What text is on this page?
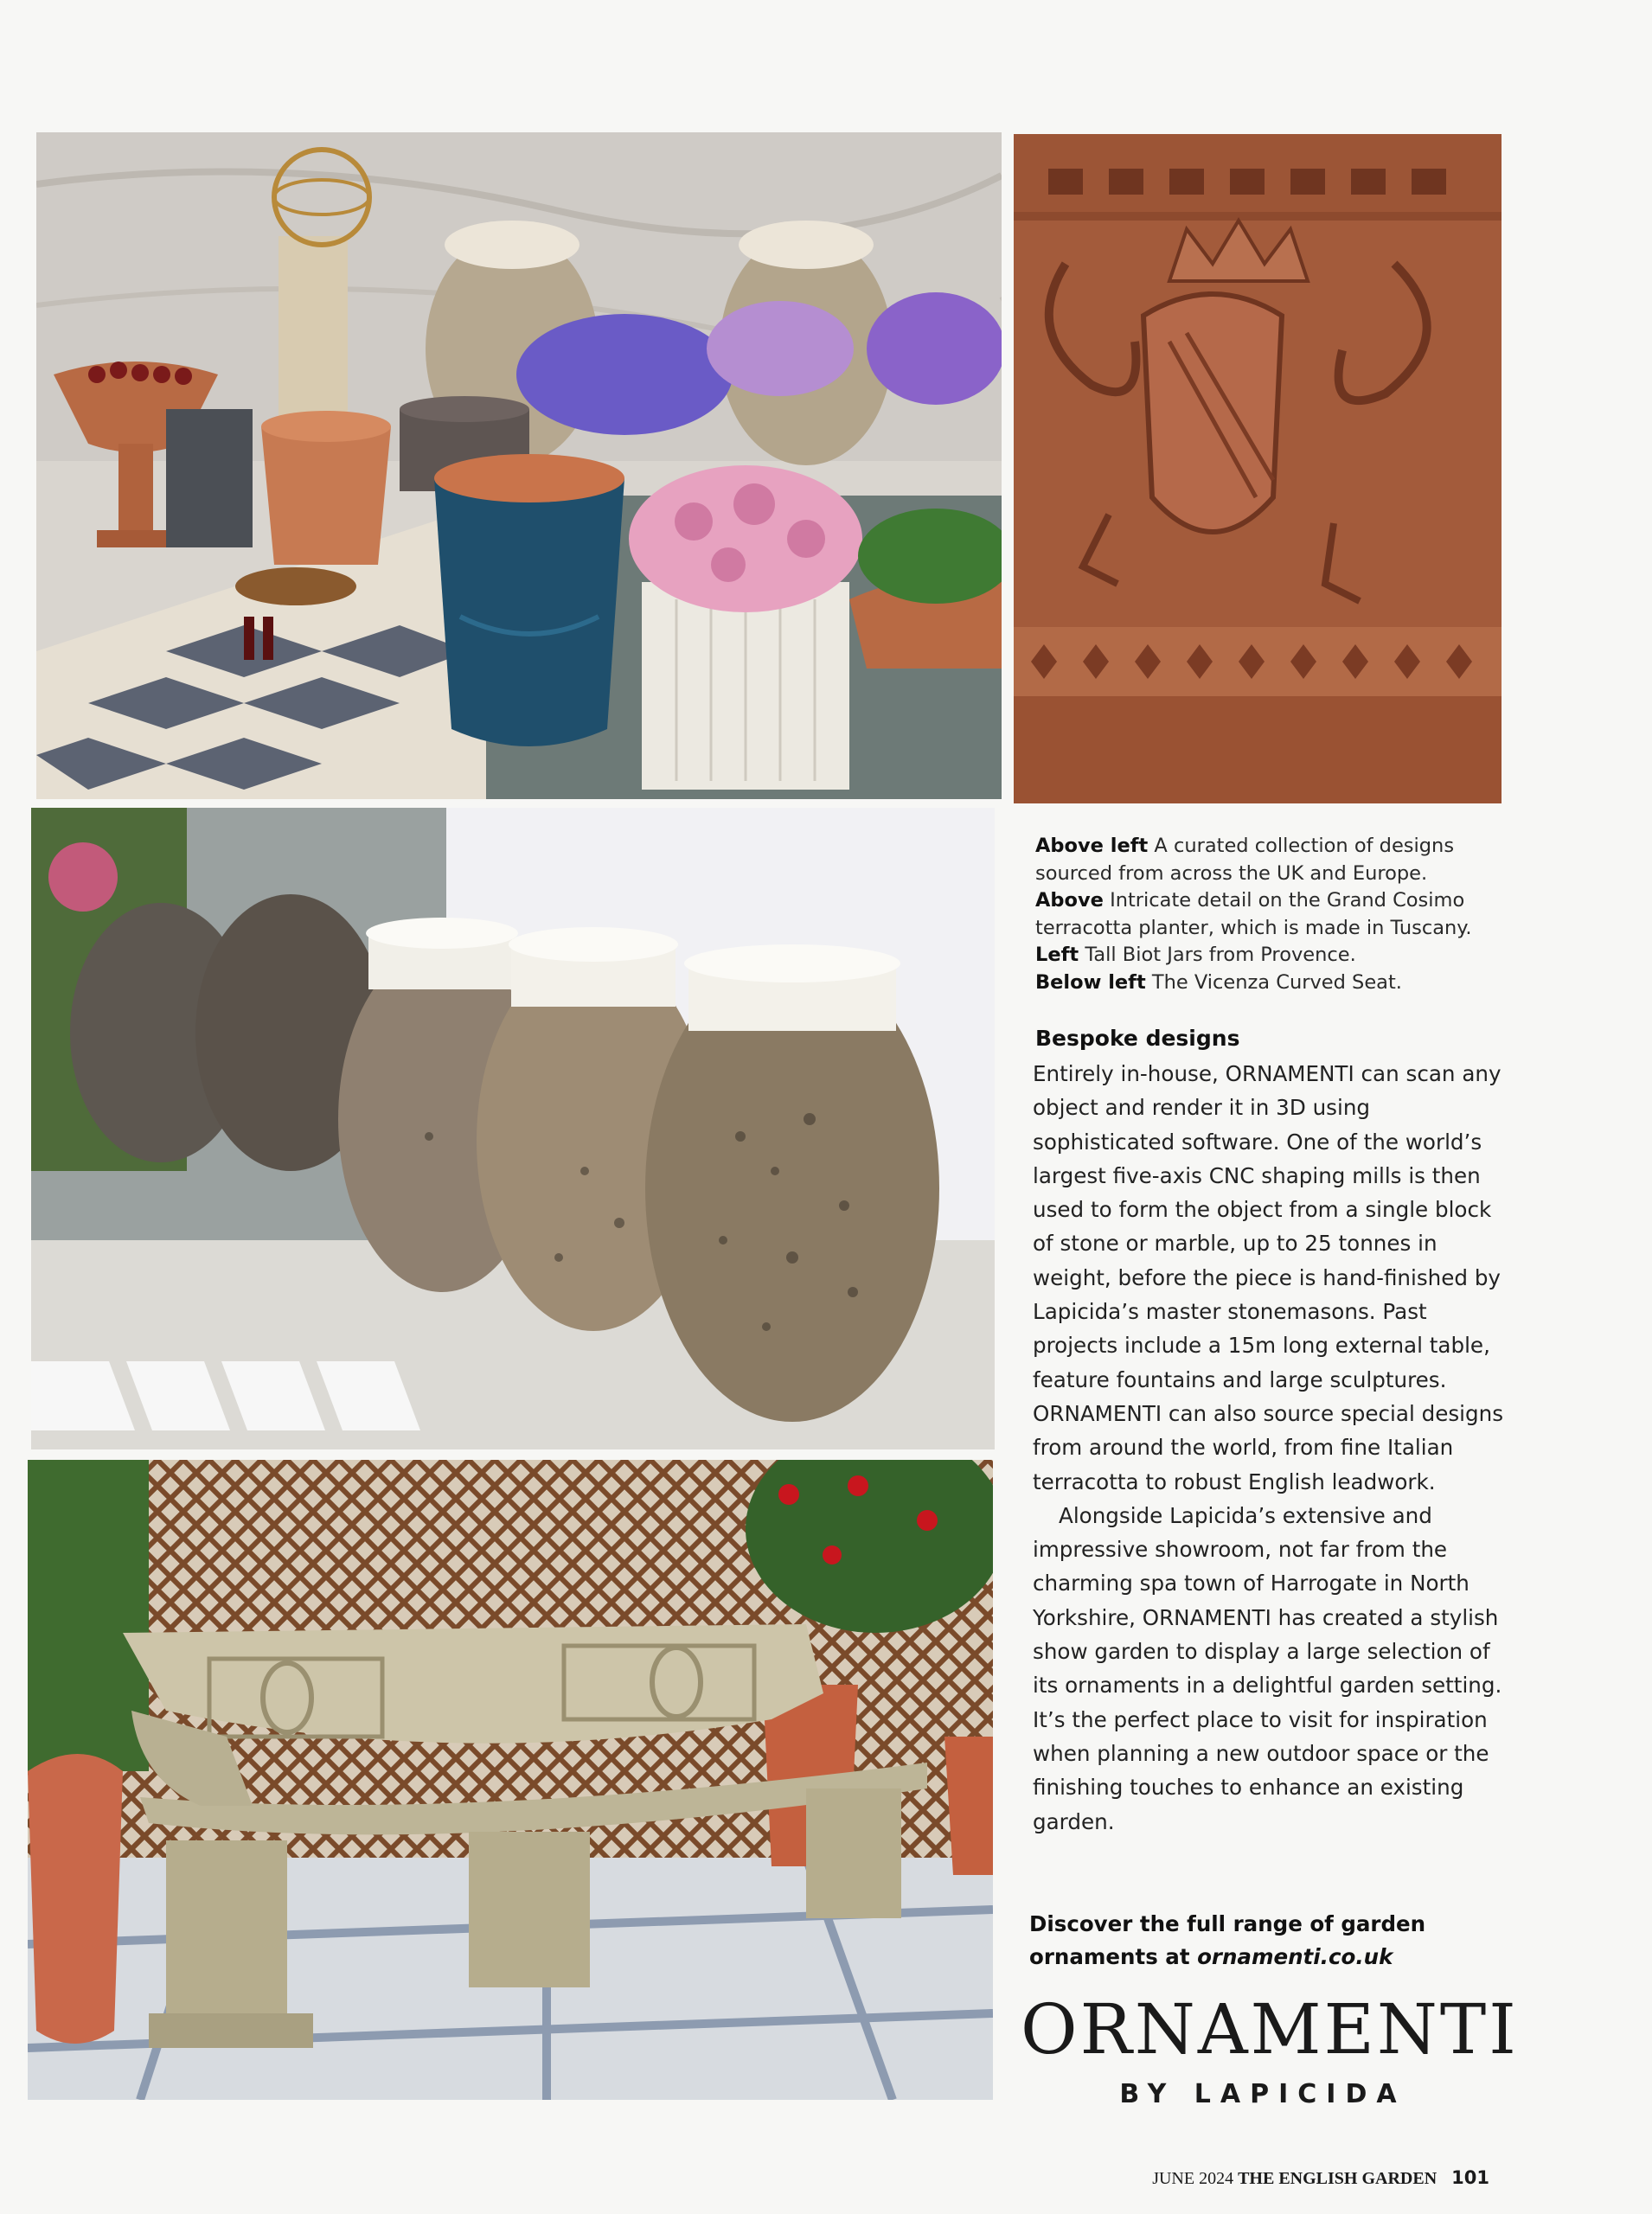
Above left A curated collection of designs sourced from across the UK and Europe.

Above Intricate detail on the Grand Cosimo terracotta planter, which is made in Tuscany.

Left Tall Biot Jars from Provence.

Below left The Vicenza Curved Seat.

Bespoke designs

Entirely in-house, ORNAMENTI can scan any object and render it in 3D using sophisticated software. One of the world’s largest five-axis CNC shaping mills is then used to form the object from a single block of stone or marble, up to 25 tonnes in weight, before the piece is hand-finished by Lapicida’s master stonemasons. Past projects include a 15m long external table, feature fountains and large sculptures. ORNAMENTI can also source special designs from around the world, from fine Italian terracotta to robust English leadwork.

Alongside Lapicida’s extensive and impressive showroom, not far from the charming spa town of Harrogate in North Yorkshire, ORNAMENTI has created a stylish show garden to display a large selection of its ornaments in a delightful garden setting. It’s the perfect place to visit for inspiration when planning a new outdoor space or the finishing touches to enhance an existing garden.

Discover the full range of garden ornaments at ornamenti.co.uk
ORNAMENTI
BY LAPICIDA
JUNE 2024 THE ENGLISH GARDEN 101
